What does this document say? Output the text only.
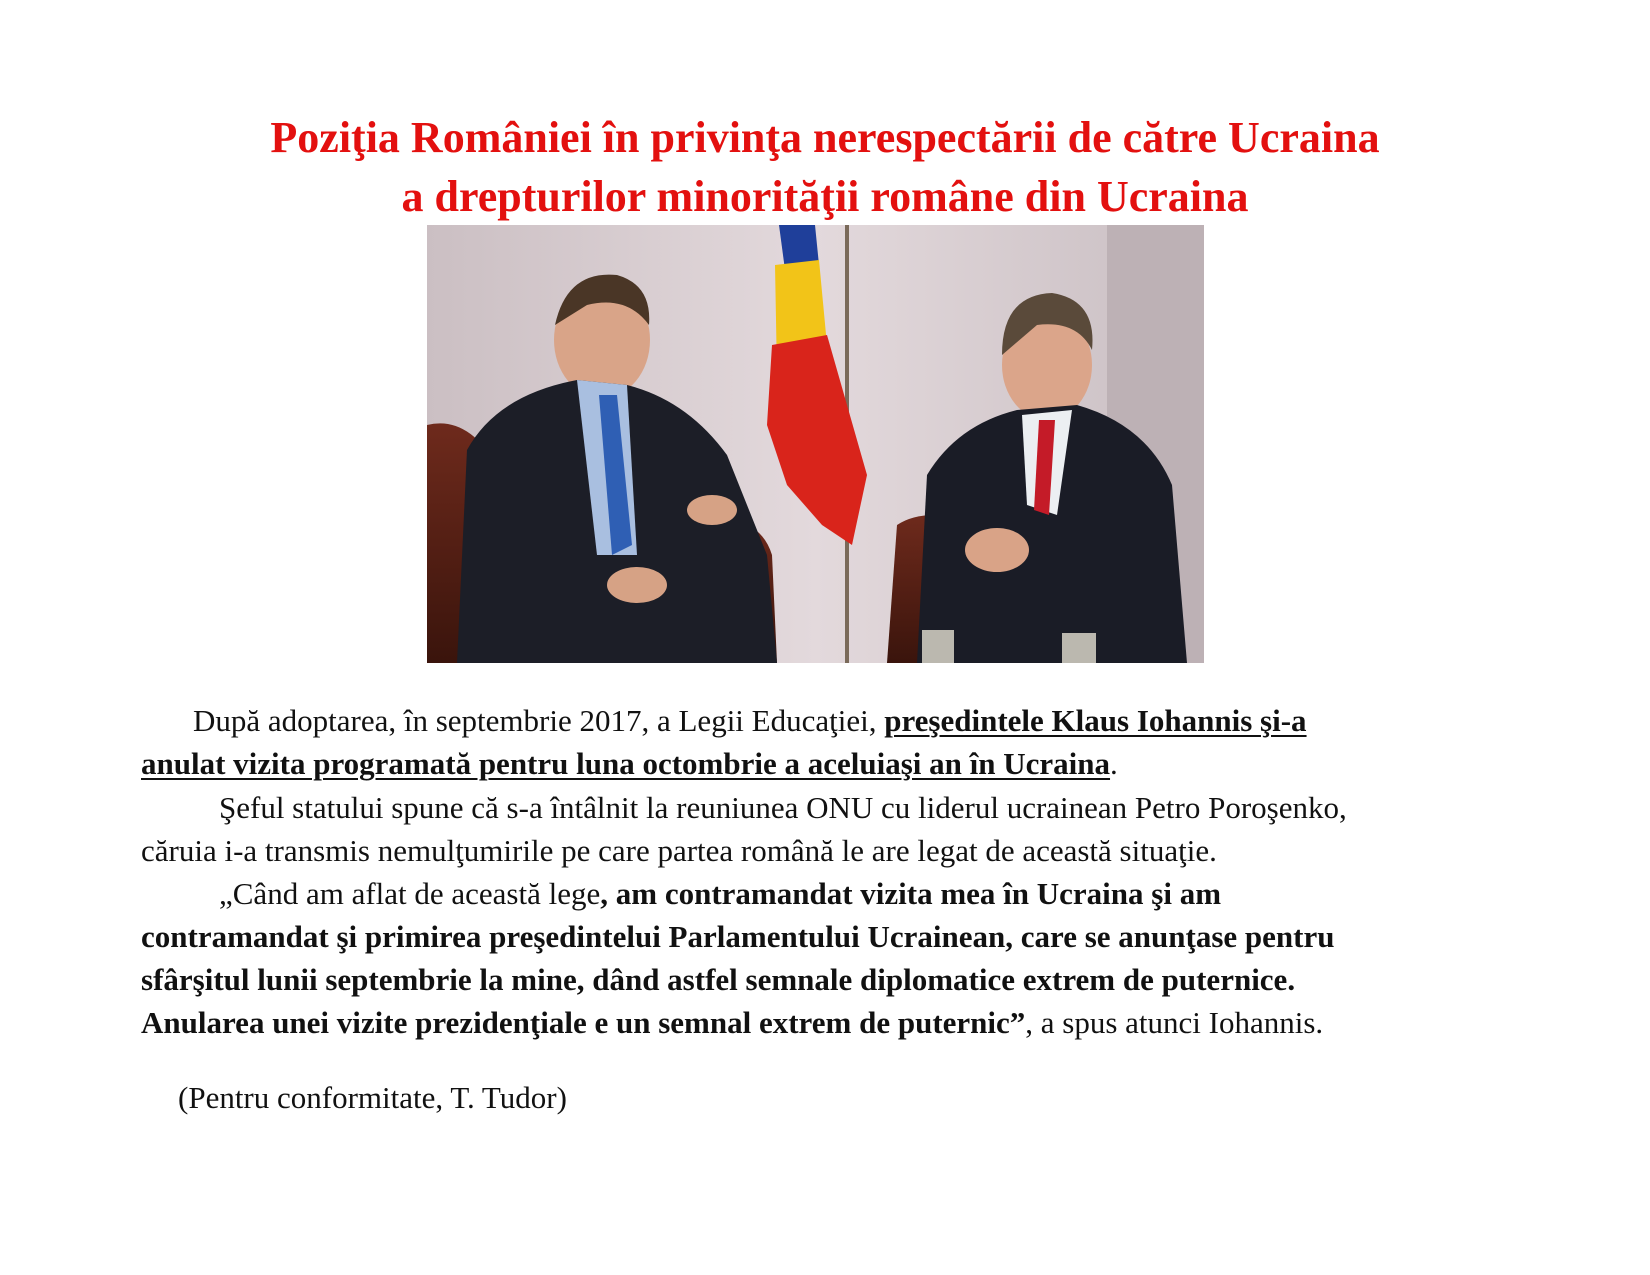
Poziţia României în privinţa nerespectării de către Ucraina
a drepturilor minorităţii române din Ucraina

După adoptarea, în septembrie 2017, a Legii Educaţiei, preşedintele Klaus Iohannis şi-a

anulat vizita programată pentru luna octombrie a aceluiaşi an în Ucraina.

Şeful statului spune că s-a întâlnit la reuniunea ONU cu liderul ucrainean Petro Poroşenko,

căruia i-a transmis nemulţumirile pe care partea română le are legat de această situaţie.

„Când am aflat de această lege, am contramandat vizita mea în Ucraina şi am

contramandat şi primirea preşedintelui Parlamentului Ucrainean, care se anunţase pentru

sfârşitul lunii septembrie la mine, dând astfel semnale diplomatice extrem de puternice.

Anularea unei vizite prezidenţiale e un semnal extrem de puternic”, a spus atunci Iohannis.

(Pentru conformitate, T. Tudor)
